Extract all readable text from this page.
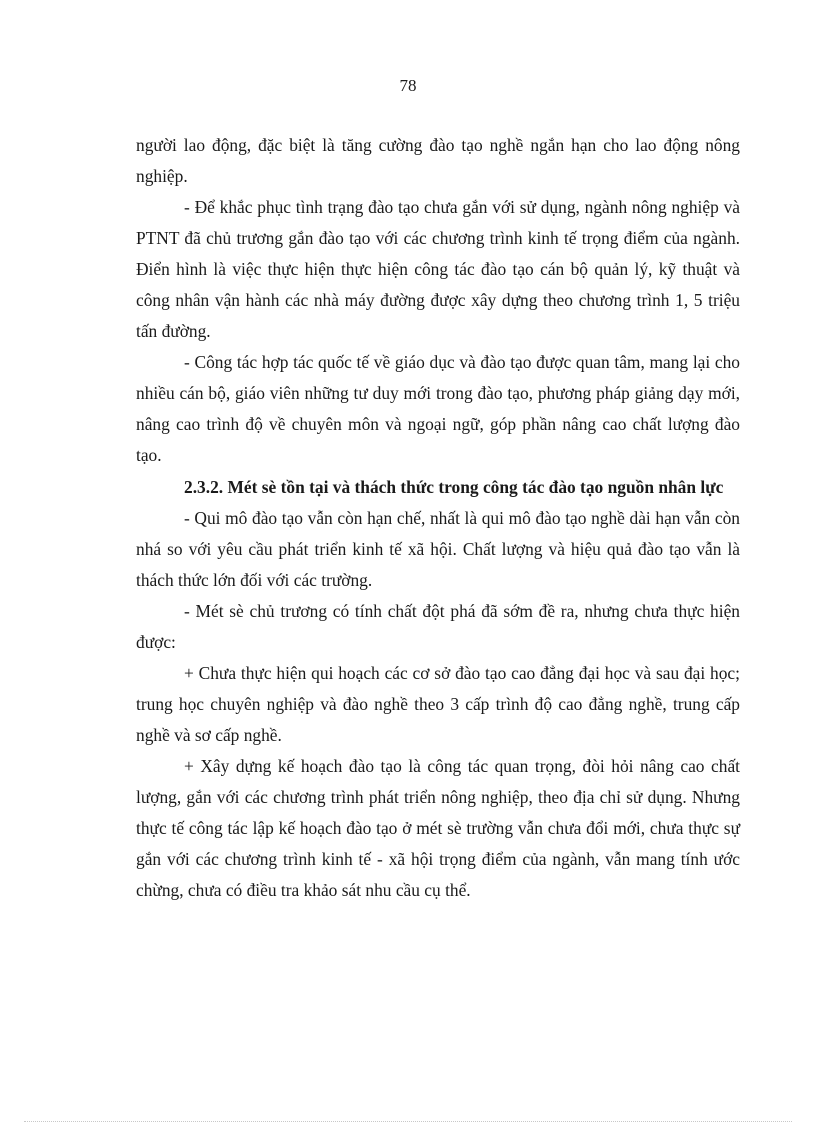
78

người lao động, đặc biệt là tăng cường đào tạo nghề ngắn hạn cho lao động nông nghiệp.

- Để khắc phục tình trạng đào tạo chưa gắn với sử dụng, ngành nông nghiệp và PTNT đã chủ trương gắn đào tạo với các chương trình kinh tế trọng điểm của ngành. Điển hình là việc thực hiện thực hiện công tác đào tạo cán bộ quản lý, kỹ thuật và công nhân vận hành các nhà máy đường được xây dựng theo chương trình 1, 5 triệu tấn đường.

- Công tác hợp tác quốc tế về giáo dục và đào tạo được quan tâm, mang lại cho nhiều cán bộ, giáo viên những tư duy mới trong đào tạo, phương pháp giảng dạy mới, nâng cao trình độ về chuyên môn và ngoại ngữ, góp phần nâng cao chất lượng đào tạo.

2.3.2. Mét sè tồn tại và thách thức trong công tác đào tạo nguồn nhân lực

- Qui mô đào tạo vẫn còn hạn chế, nhất là qui mô đào tạo nghề dài hạn vẫn còn nhá so với yêu cầu phát triển kinh tế xã hội. Chất lượng và hiệu quả đào tạo vẫn là thách thức lớn đối với các trường.

- Mét sè chủ trương có tính chất đột phá đã sớm đề ra, nhưng chưa thực hiện được:

+ Chưa thực hiện qui hoạch các cơ sở đào tạo cao đẳng đại học và sau đại học; trung học chuyên nghiệp và đào nghề theo 3 cấp trình độ cao đẳng nghề, trung cấp nghề và sơ cấp nghề.

+ Xây dựng kế hoạch đào tạo là công tác quan trọng, đòi hỏi nâng cao chất lượng, gắn với các chương trình phát triển nông nghiệp, theo địa chỉ sử dụng. Nhưng thực tế công tác lập kế hoạch đào tạo ở mét sè trường vẫn chưa đổi mới, chưa thực sự gắn với các chương trình kinh tế - xã hội trọng điểm của ngành, vẫn mang tính ước chừng, chưa có điều tra khảo sát nhu cầu cụ thể.
